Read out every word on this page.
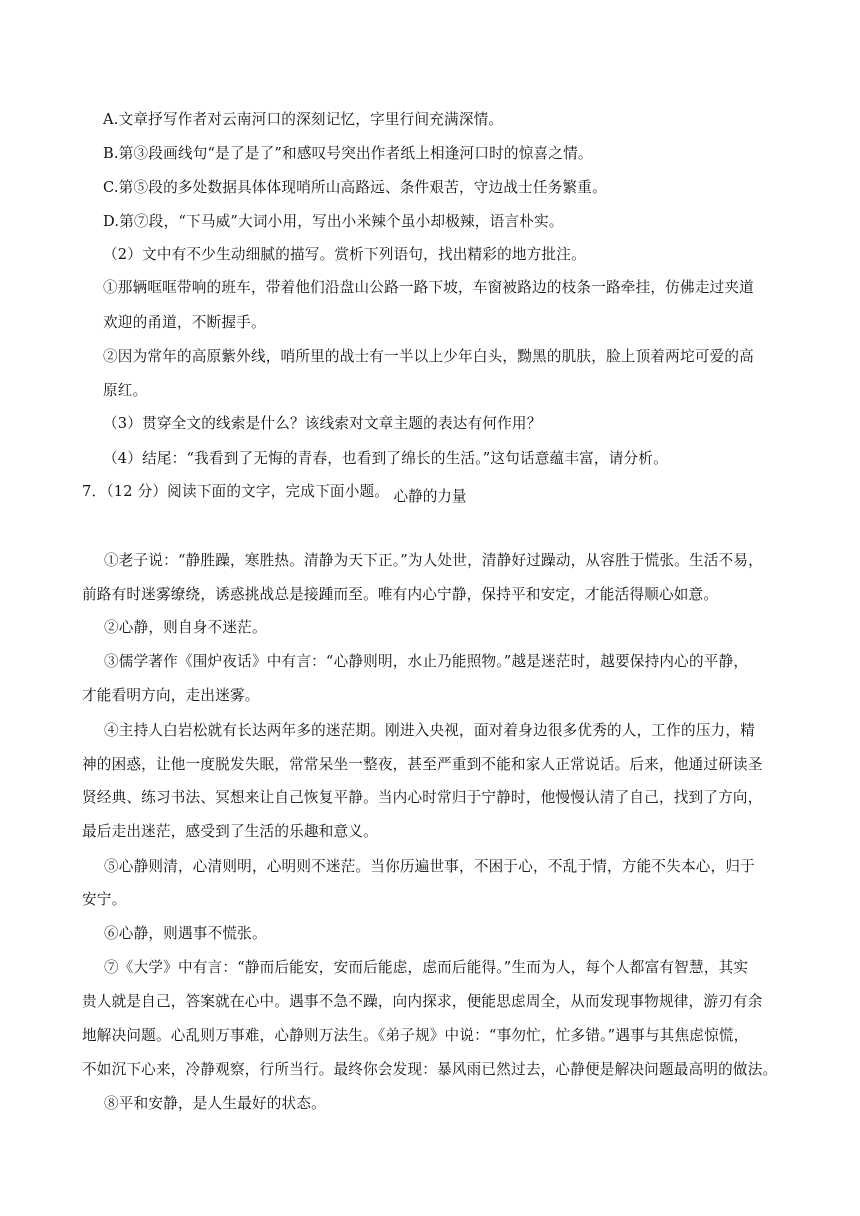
A.文章抒写作者对云南河口的深刻记忆，字里行间充满深情。
B.第③段画线句“是了是了”和感叹号突出作者纸上相逢河口时的惊喜之情。
C.第⑤段的多处数据具体体现哨所山高路远、条件艰苦，守边战士任务繁重。
D.第⑦段，“下马威”大词小用，写出小米辣个虽小却极辣，语言朴实。
（2）文中有不少生动细腻的描写。赏析下列语句，找出精彩的地方批注。
①那辆哐哐带响的班车，带着他们沿盘山公路一路下坡，车窗被路边的枝条一路牵挂，仿佛走过夹道
欢迎的甬道，不断握手。
②因为常年的高原紫外线，哨所里的战士有一半以上少年白头，黝黑的肌肤，脸上顶着两坨可爱的高
原红。
（3）贯穿全文的线索是什么？该线索对文章主题的表达有何作用？
（4）结尾：“我看到了无悔的青春，也看到了绵长的生活。”这句话意蕴丰富，请分析。
7．（12 分）阅读下面的文字，完成下面小题。 心静的力量
①老子说：“静胜躁，寒胜热。清静为天下正。”为人处世，清静好过躁动，从容胜于慌张。生活不易，
前路有时迷雾缭绕，诱惑挑战总是接踵而至。唯有内心宁静，保持平和安定，才能活得顺心如意。
②心静，则自身不迷茫。
③儒学著作《围炉夜话》中有言：“心静则明，水止乃能照物。”越是迷茫时，越要保持内心的平静，
才能看明方向，走出迷雾。
④主持人白岩松就有长达两年多的迷茫期。刚进入央视，面对着身边很多优秀的人，工作的压力，精
神的困惑，让他一度脱发失眠，常常呆坐一整夜，甚至严重到不能和家人正常说话。后来，他通过研读圣
贤经典、练习书法、冥想来让自己恢复平静。当内心时常归于宁静时，他慢慢认清了自己，找到了方向，
最后走出迷茫，感受到了生活的乐趣和意义。
⑤心静则清，心清则明，心明则不迷茫。当你历遍世事，不困于心，不乱于情，方能不失本心，归于
安宁。
⑥心静，则遇事不慌张。
⑦《大学》中有言：“静而后能安，安而后能虑，虑而后能得。”生而为人，每个人都富有智慧，其实
贵人就是自己，答案就在心中。遇事不急不躁，向内探求，便能思虑周全，从而发现事物规律，游刃有余
地解决问题。心乱则万事难，心静则万法生。《弟子规》中说：“事勿忙，忙多错。”遇事与其焦虑惊慌，
不如沉下心来，冷静观察，行所当行。最终你会发现：暴风雨已然过去，心静便是解决问题最高明的做法。
⑧平和安静，是人生最好的状态。
